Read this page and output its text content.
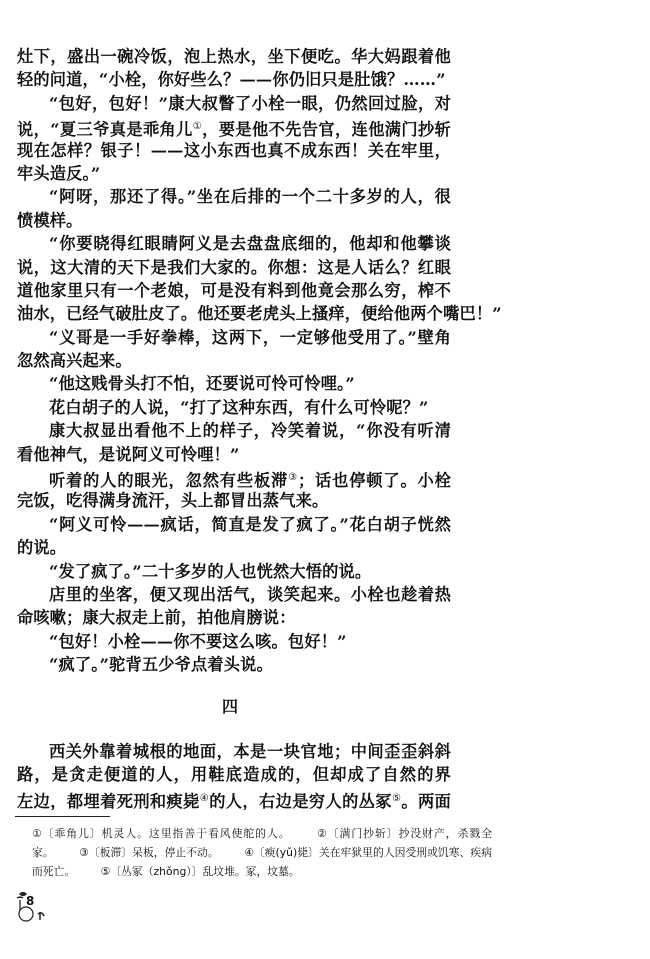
灶下，盛出一碗冷饭，泡上热水，坐下便吃。华大妈跟着他
轻的问道，“小栓，你好些么？——你仍旧只是肚饿？……”
“包好，包好！”康大叔瞥了小栓一眼，仍然回过脸，对
说，“夏三爷真是乖角儿①，要是他不先告官，连他满门抄斩
现在怎样？银子！——这小东西也真不成东西！关在牢里，
牢头造反。”
“阿呀，那还了得。”坐在后排的一个二十多岁的人，很
愤模样。
“你要晓得红眼睛阿义是去盘盘底细的，他却和他攀谈
说，这大清的天下是我们大家的。你想：这是人话么？红眼
道他家里只有一个老娘，可是没有料到他竟会那么穷，榨不
油水，已经气破肚皮了。他还要老虎头上搔痒，便给他两个嘴巴！”
“义哥是一手好拳棒，这两下，一定够他受用了。”壁角
忽然高兴起来。
“他这贱骨头打不怕，还要说可怜可怜哩。”
花白胡子的人说，“打了这种东西，有什么可怜呢？”
康大叔显出看他不上的样子，冷笑着说，“你没有听清
看他神气，是说阿义可怜哩！”
听着的人的眼光，忽然有些板滞③；话也停顿了。小栓
完饭，吃得满身流汗，头上都冒出蒸气来。
“阿义可怜——疯话，简直是发了疯了。”花白胡子恍然
的说。
“发了疯了。”二十多岁的人也恍然大悟的说。
店里的坐客，便又现出活气，谈笑起来。小栓也趁着热
命咳嗽；康大叔走上前，拍他肩膀说：
“包好！小栓——你不要这么咳。包好！”
“疯了。”驼背五少爷点着头说。
四
西关外靠着城根的地面，本是一块官地；中间歪歪斜斜
路，是贪走便道的人，用鞋底造成的，但却成了自然的界
左边，都埋着死刑和瘐毙④的人，右边是穷人的丛冢⑤。两面
①〔乖角儿〕机灵人。这里指善于看风使舵的人。 ②〔满门抄斩〕抄没财产，杀戮全家。 ③〔板滞〕呆板，停止不动。 ④〔瘐(yǔ)毙〕关在牢狱里的人因受刑或饥寒、疾病而死亡。 ⑤〔丛冢（zhǒng）〕乱坟堆。冢，坟墓。
8
